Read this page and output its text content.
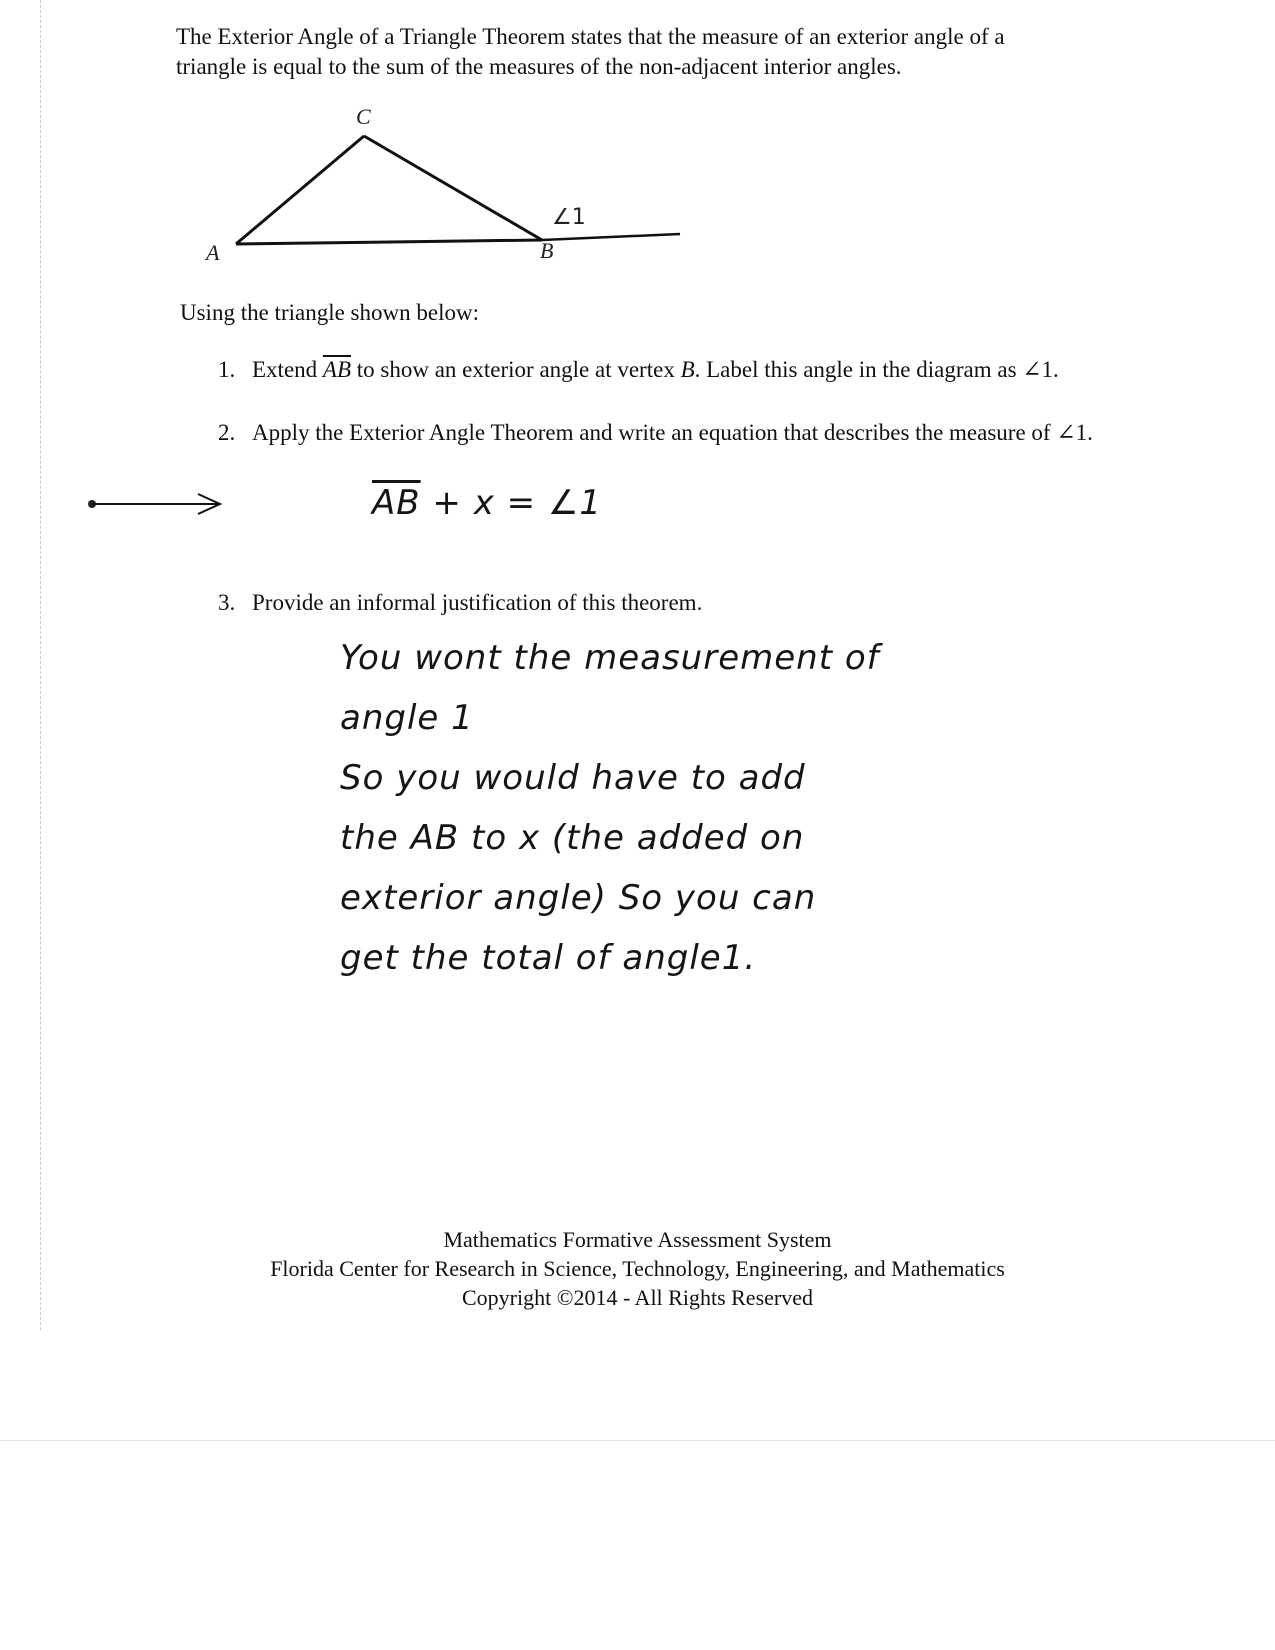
The Exterior Angle of a Triangle Theorem states that the measure of an exterior angle of a triangle is equal to the sum of the measures of the non-adjacent interior angles.
C
A	B
∠1
Using the triangle shown below:
1. Extend $\overline{AB}$ to show an exterior angle at vertex B. Label this angle in the diagram as ∠1.
2. Apply the Exterior Angle Theorem and write an equation that describes the measure of ∠1.
$\overline{AB} + x$ = ∠1
3. Provide an informal justification of this theorem.
You wont the measurement of angle 1
So you would have to add
the AB to x (the added on
exterior angle) So you can
get the total of angle1.
Mathematics Formative Assessment System
Florida Center for Research in Science, Technology, Engineering, and Mathematics
Copyright ©2014 - All Rights Reserved
